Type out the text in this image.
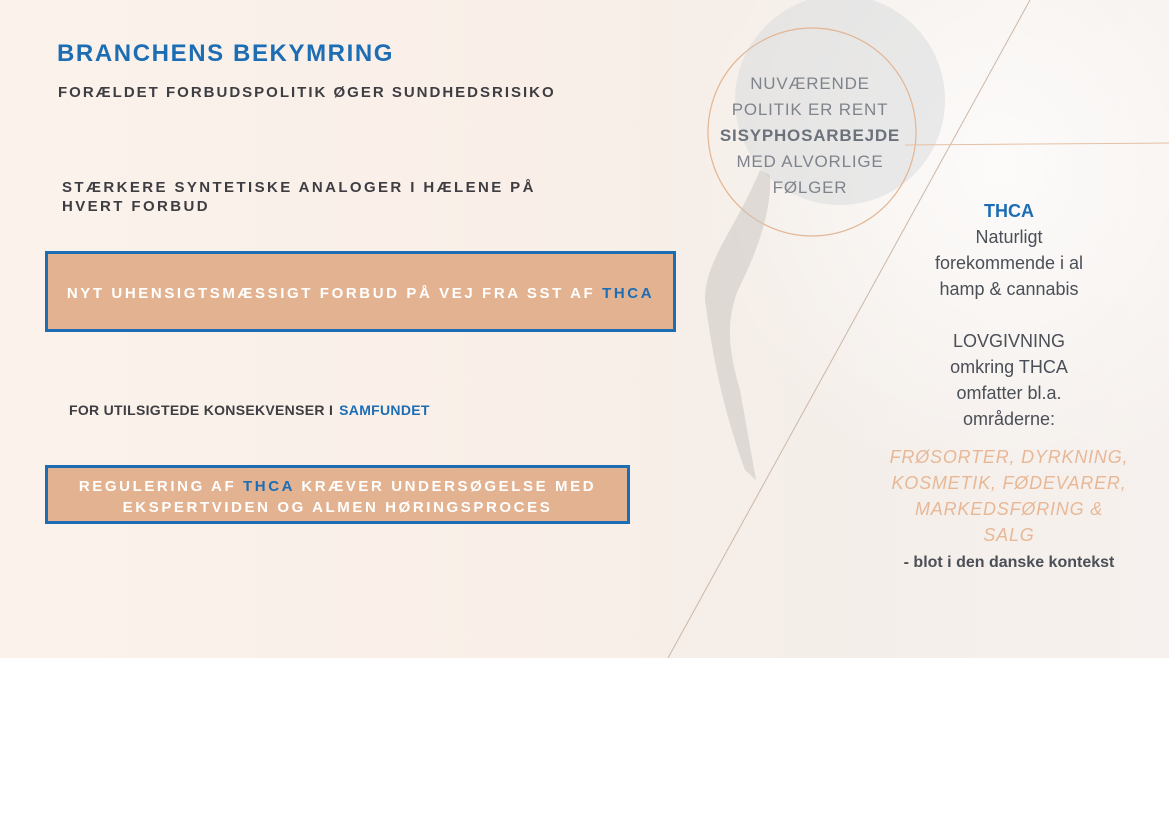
BRANCHENS BEKYMRING
FORÆLDET FORBUDSPOLITIK ØGER SUNDHEDSRISIKO
STÆRKERE SYNTETISKE ANALOGER I HÆLENE PÅ HVERT FORBUD
NYT UHENSIGTSMÆSSIGT FORBUD PÅ VEJ FRA SST AF THCA
FOR UTILSIGTEDE KONSEKVENSER I SAMFUNDET
REGULERING AF THCA KRÆVER UNDERSØGELSE MED EKSPERTVIDEN OG ALMEN HØRINGSPROCES
NUVÆRENDE
POLITIK ER RENT
SISYPHOSARBEJDE
MED ALVORLIGE
FØLGER
THCA
Naturligt
forekommende i al
hamp & cannabis
LOVGIVNING
omkring THCA
omfatter bl.a.
områderne:
FRØSORTER, DYRKNING,
KOSMETIK, FØDEVARER,
MARKEDSFØRING &
SALG
- blot i den danske kontekst
